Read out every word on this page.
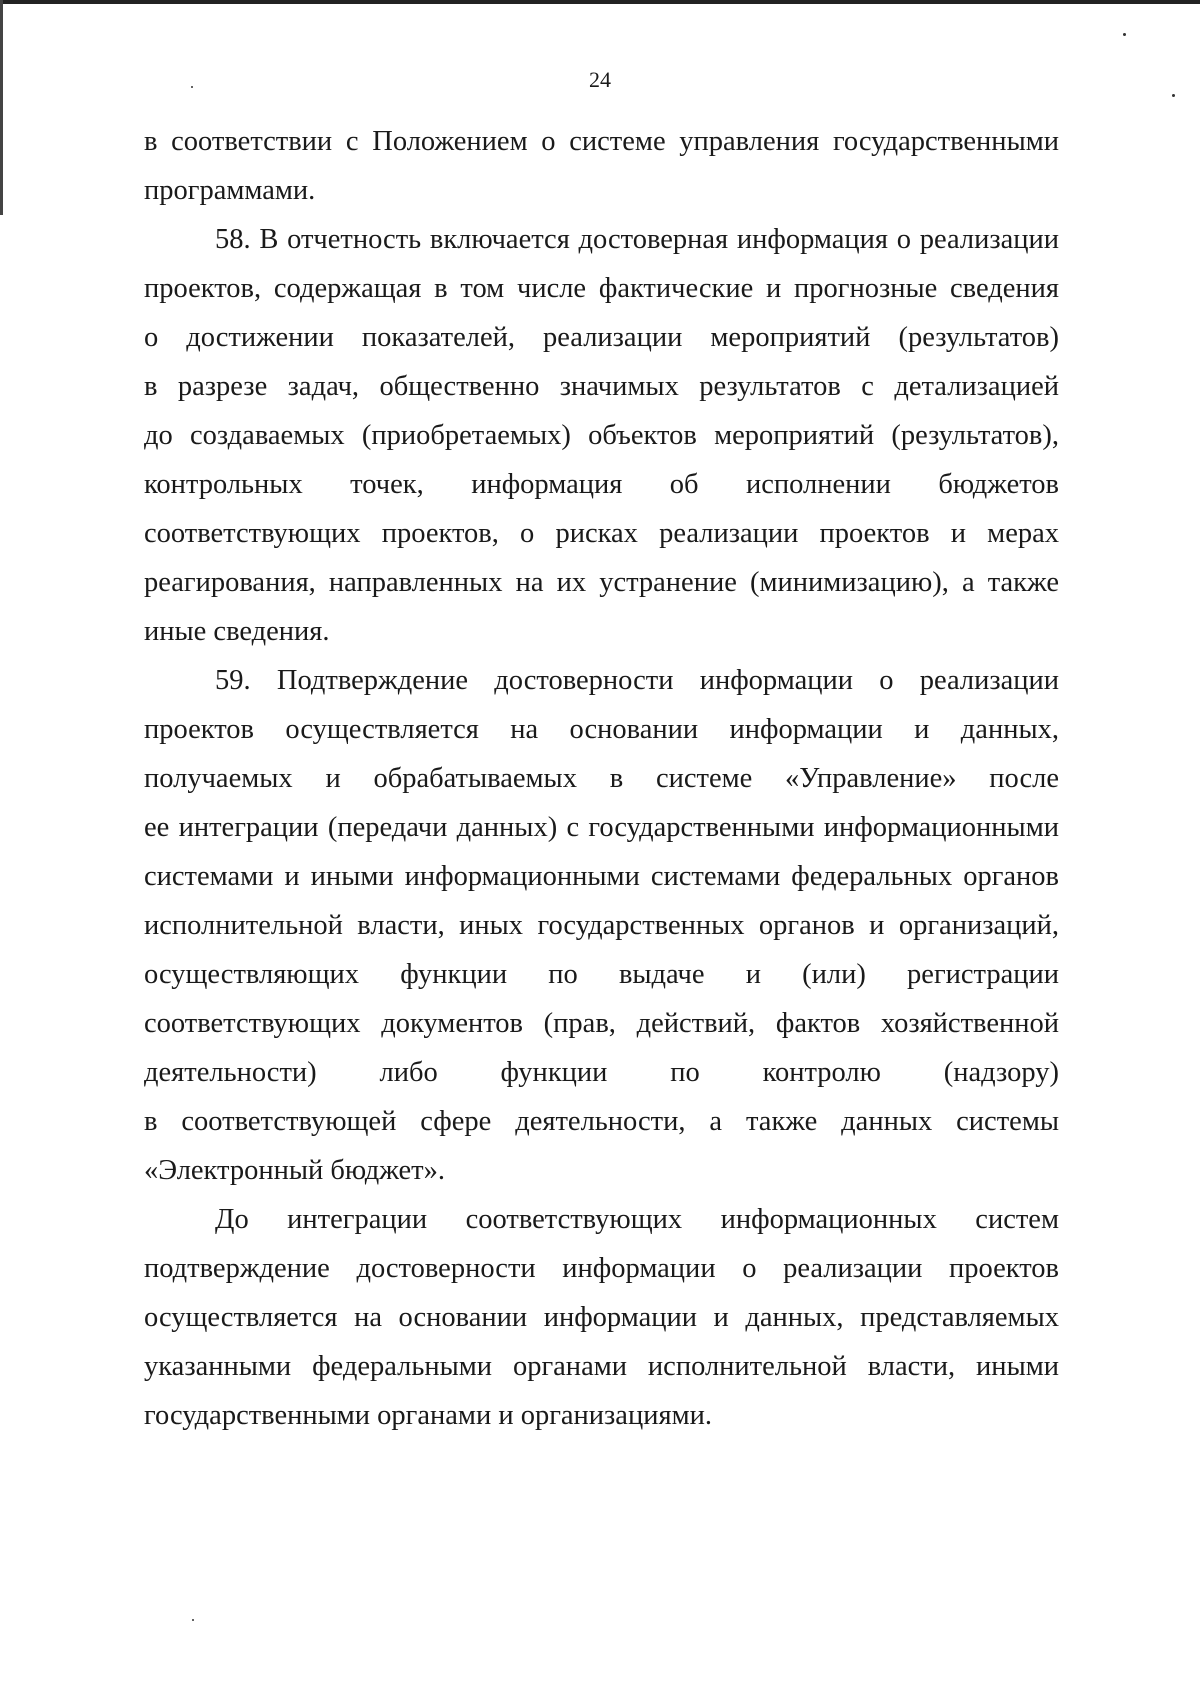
24

в соответствии с Положением о системе управления государственными
программами.

58. В отчетность включается достоверная информация о реализации
проектов, содержащая в том числе фактические и прогнозные сведения
о достижении показателей, реализации мероприятий (результатов)
в разрезе задач, общественно значимых результатов с детализацией
до создаваемых (приобретаемых) объектов мероприятий (результатов),
контрольных точек, информация об исполнении бюджетов
соответствующих проектов, о рисках реализации проектов и мерах
реагирования, направленных на их устранение (минимизацию), а также
иные сведения.

59. Подтверждение достоверности информации о реализации
проектов осуществляется на основании информации и данных,
получаемых и обрабатываемых в системе «Управление» после
ее интеграции (передачи данных) с государственными информационными
системами и иными информационными системами федеральных органов
исполнительной власти, иных государственных органов и организаций,
осуществляющих функции по выдаче и (или) регистрации
соответствующих документов (прав, действий, фактов хозяйственной
деятельности) либо функции по контролю (надзору)
в соответствующей сфере деятельности, а также данных системы
«Электронный бюджет».

До интеграции соответствующих информационных систем
подтверждение достоверности информации о реализации проектов
осуществляется на основании информации и данных, представляемых
указанными федеральными органами исполнительной власти, иными
государственными органами и организациями.
